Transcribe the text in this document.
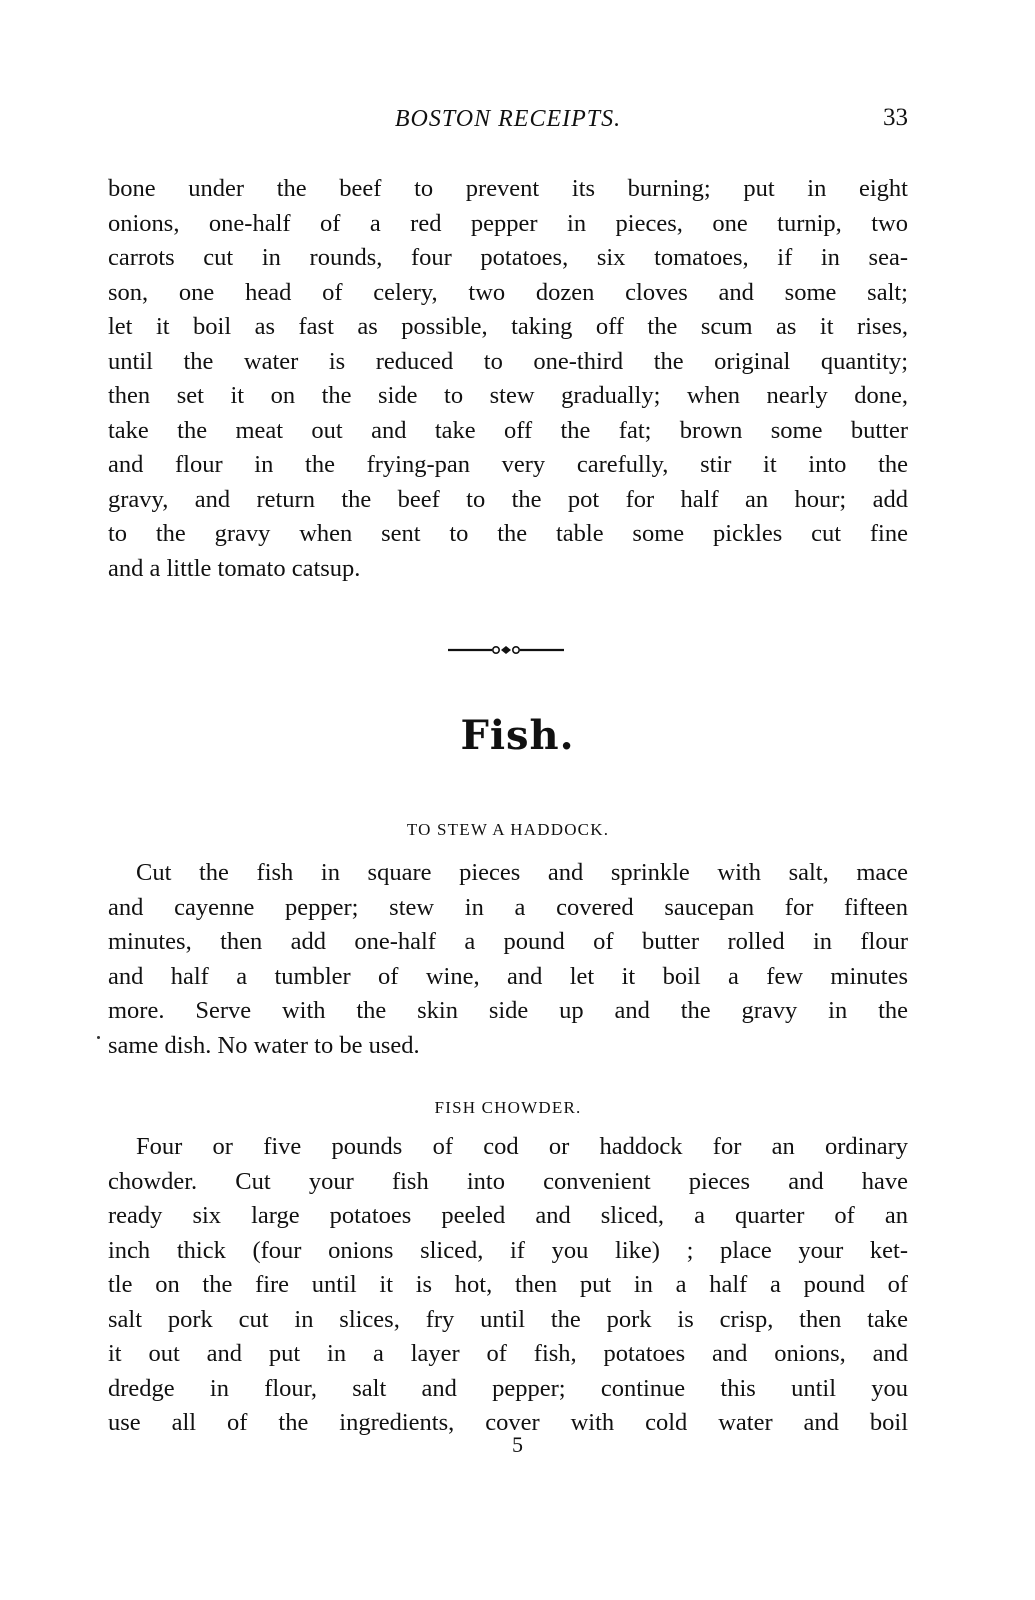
BOSTON RECEIPTS.	33
bone under the beef to prevent its burning; put in eight
onions, one-half of a red pepper in pieces, one turnip, two
carrots cut in rounds, four potatoes, six tomatoes, if in sea-
son, one head of celery, two dozen cloves and some salt;
let it boil as fast as possible, taking off the scum as it rises,
until the water is reduced to one-third the original quantity;
then set it on the side to stew gradually; when nearly done,
take the meat out and take off the fat; brown some butter
and flour in the frying-pan very carefully, stir it into the
gravy, and return the beef to the pot for half an hour; add
to the gravy when sent to the table some pickles cut fine
and a little tomato catsup.
Fish.
TO STEW A HADDOCK.
Cut the fish in square pieces and sprinkle with salt, mace
and cayenne pepper; stew in a covered saucepan for fifteen
minutes, then add one-half a pound of butter rolled in flour
and half a tumbler of wine, and let it boil a few minutes
more. Serve with the skin side up and the gravy in the
same dish. No water to be used.
FISH CHOWDER.
Four or five pounds of cod or haddock for an ordinary
chowder. Cut your fish into convenient pieces and have
ready six large potatoes peeled and sliced, a quarter of an
inch thick (four onions sliced, if you like) ; place your ket-
tle on the fire until it is hot, then put in a half a pound of
salt pork cut in slices, fry until the pork is crisp, then take
it out and put in a layer of fish, potatoes and onions, and
dredge in flour, salt and pepper; continue this until you
use all of the ingredients, cover with cold water and boil
5
